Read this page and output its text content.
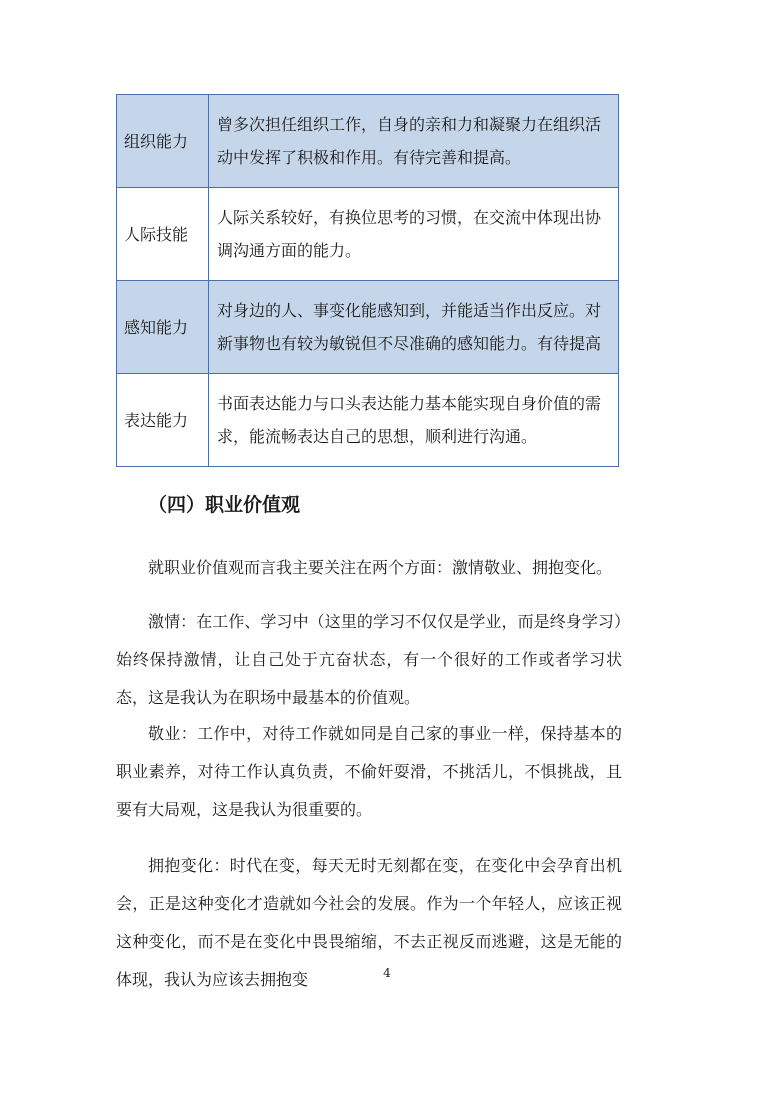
组织能力	曾多次担任组织工作，自身的亲和力和凝聚力在组织活动中发挥了积极和作用。有待完善和提高。
人际技能	人际关系较好，有换位思考的习惯，在交流中体现出协调沟通方面的能力。
感知能力	对身边的人、事变化能感知到，并能适当作出反应。对新事物也有较为敏锐但不尽准确的感知能力。有待提高
表达能力	书面表达能力与口头表达能力基本能实现自身价值的需求，能流畅表达自己的思想，顺利进行沟通。
（四）职业价值观

就职业价值观而言我主要关注在两个方面：激情敬业、拥抱变化。

激情：在工作、学习中（这里的学习不仅仅是学业，而是终身学习）始终保持激情，让自己处于亢奋状态，有一个很好的工作或者学习状态，这是我认为在职场中最基本的价值观。

敬业：工作中，对待工作就如同是自己家的事业一样，保持基本的职业素养，对待工作认真负责，不偷奸耍滑，不挑活儿，不惧挑战，且要有大局观，这是我认为很重要的。

拥抱变化：时代在变，每天无时无刻都在变，在变化中会孕育出机会，正是这种变化才造就如今社会的发展。作为一个年轻人，应该正视这种变化，而不是在变化中畏畏缩缩，不去正视反而逃避，这是无能的体现，我认为应该去拥抱变	4
